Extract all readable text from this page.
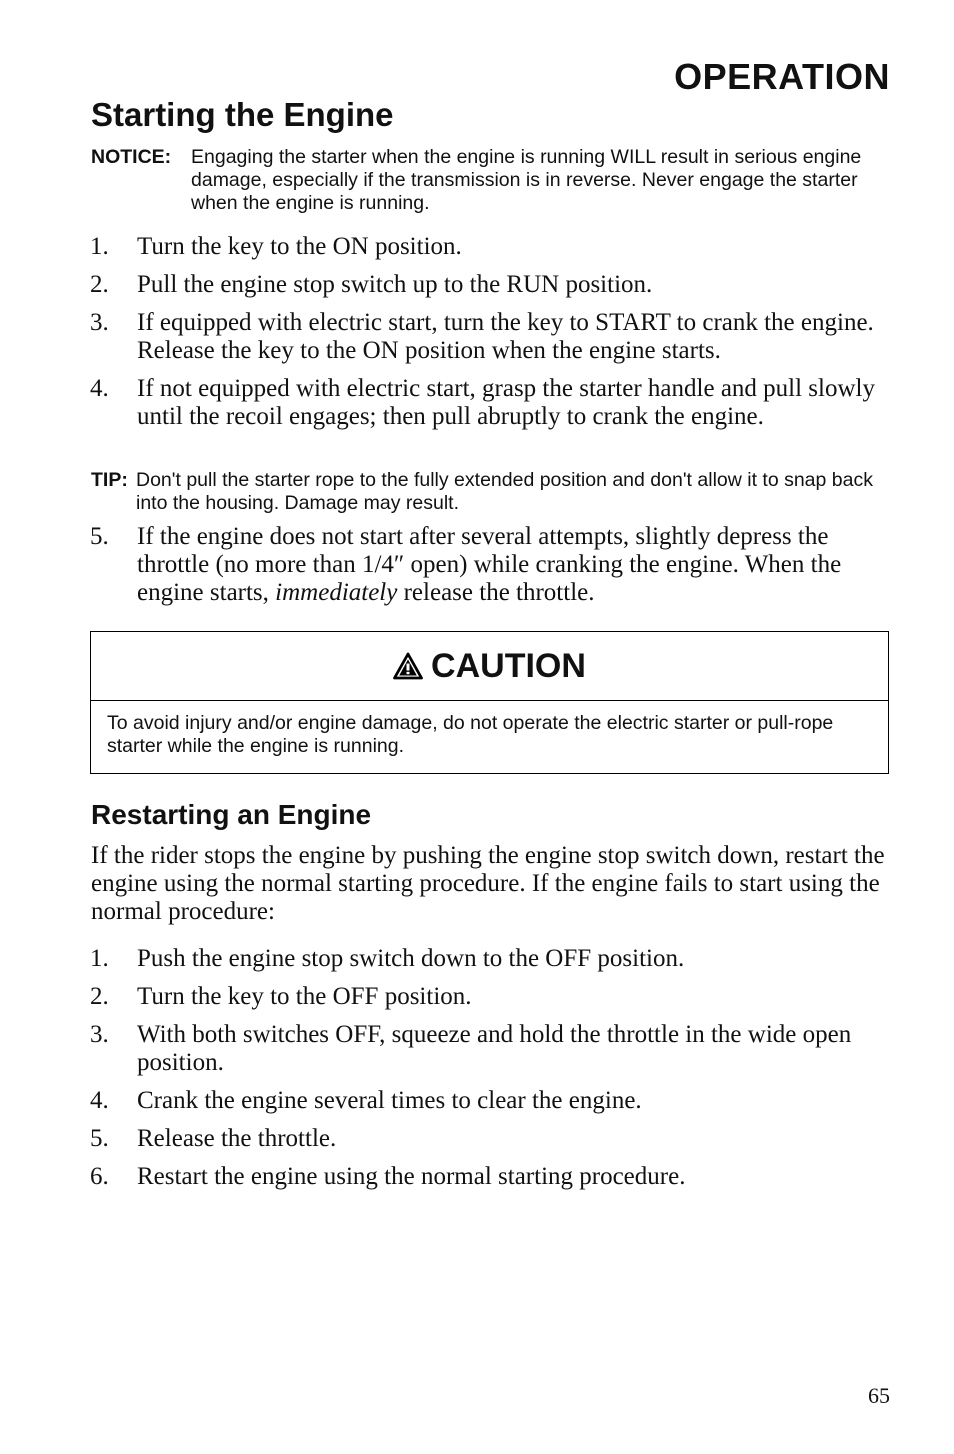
OPERATION
Starting the Engine
NOTICE: Engaging the starter when the engine is running WILL result in serious engine damage, especially if the transmission is in reverse. Never engage the starter when the engine is running.
1. Turn the key to the ON position.
2. Pull the engine stop switch up to the RUN position.
3. If equipped with electric start, turn the key to START to crank the engine. Release the key to the ON position when the engine starts.
4. If not equipped with electric start, grasp the starter handle and pull slowly until the recoil engages; then pull abruptly to crank the engine.
TIP: Don't pull the starter rope to the fully extended position and don't allow it to snap back into the housing. Damage may result.
5. If the engine does not start after several attempts, slightly depress the throttle (no more than 1/4″ open) while cranking the engine. When the engine starts, immediately release the throttle.
CAUTION
To avoid injury and/or engine damage, do not operate the electric starter or pull-rope starter while the engine is running.
Restarting an Engine
If the rider stops the engine by pushing the engine stop switch down, restart the engine using the normal starting procedure. If the engine fails to start using the normal procedure:
1. Push the engine stop switch down to the OFF position.
2. Turn the key to the OFF position.
3. With both switches OFF, squeeze and hold the throttle in the wide open position.
4. Crank the engine several times to clear the engine.
5. Release the throttle.
6. Restart the engine using the normal starting procedure.
65
